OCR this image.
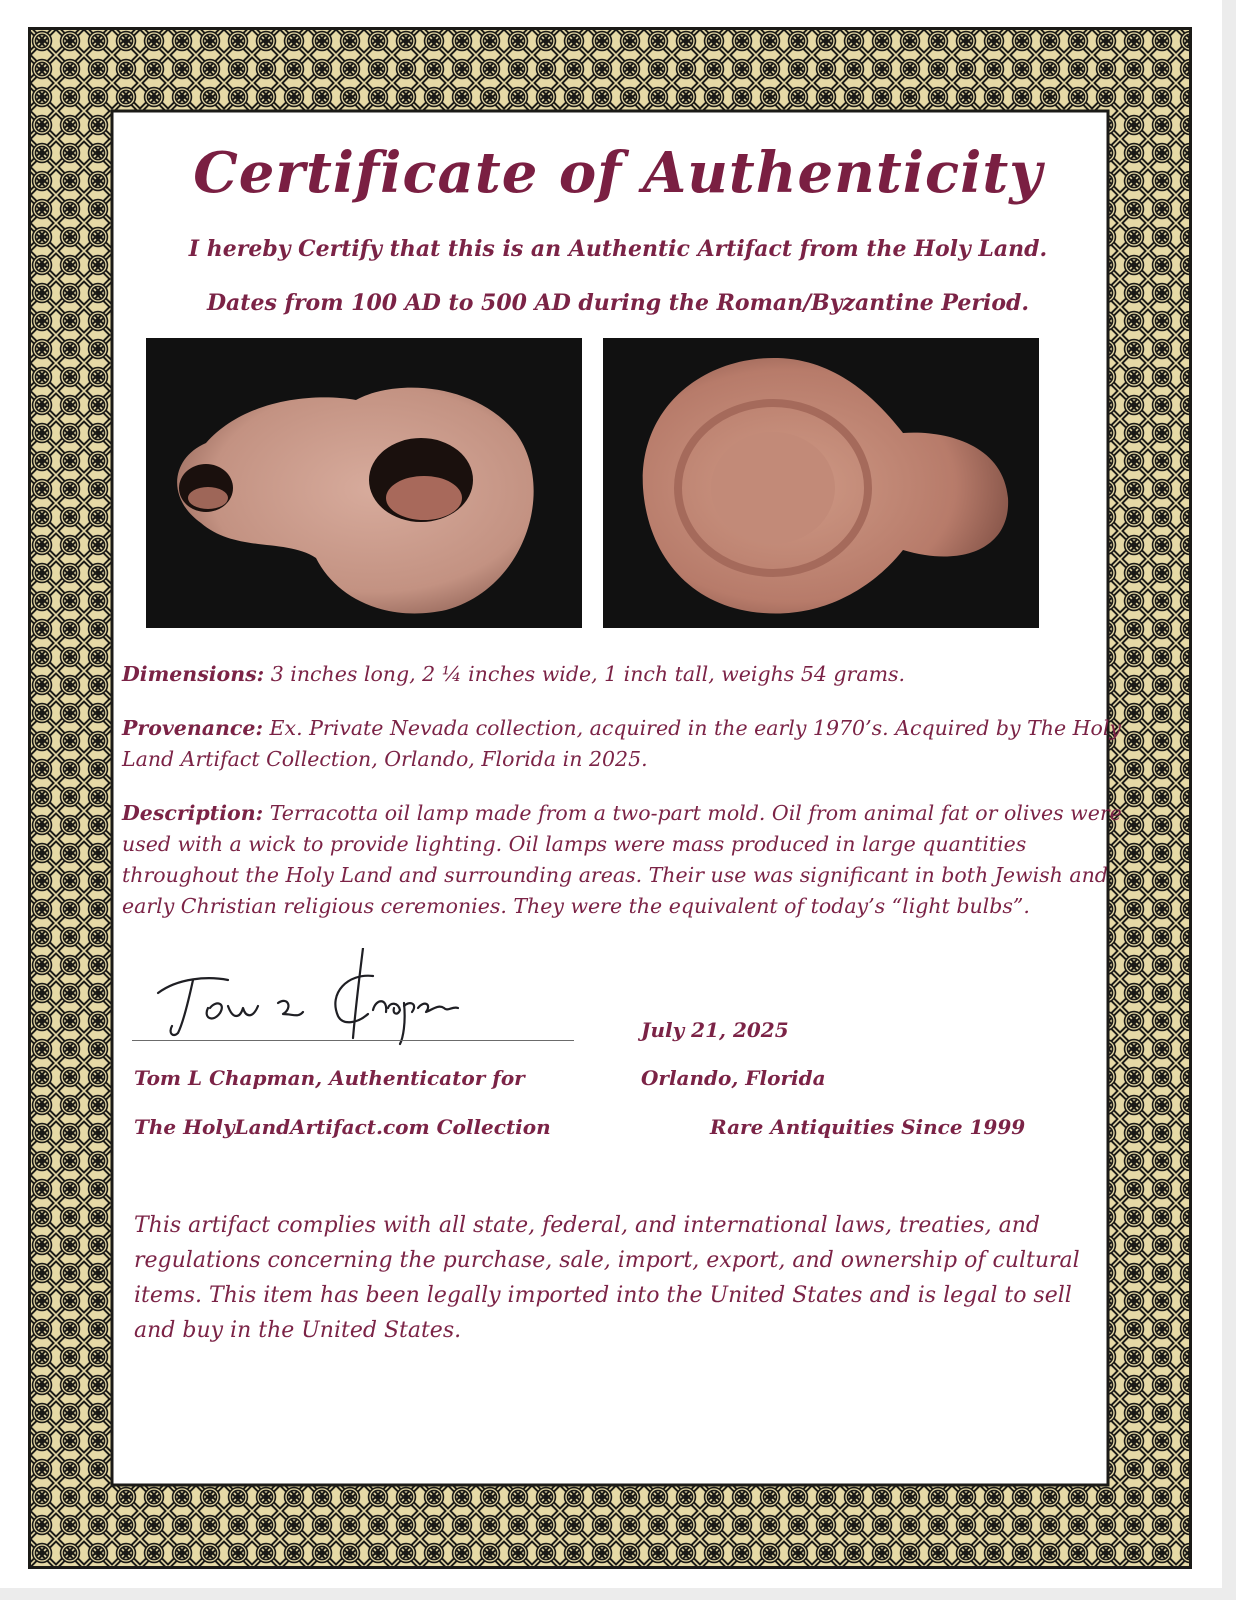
Certificate of Authenticity
I hereby Certify that this is an Authentic Artifact from the Holy Land.
Dates from 100 AD to 500 AD during the Roman/Byzantine Period.
Dimensions: 3 inches long, 2 ¼ inches wide, 1 inch tall, weighs 54 grams.
Provenance: Ex. Private Nevada collection, acquired in the early 1970’s. Acquired by The Holy Land Artifact Collection, Orlando, Florida in 2025.
Description: Terracotta oil lamp made from a two-part mold. Oil from animal fat or olives were used with a wick to provide lighting. Oil lamps were mass produced in large quantities throughout the Holy Land and surrounding areas. Their use was significant in both Jewish and early Christian religious ceremonies. They were the equivalent of today’s “light bulbs”.
Tom L Chapman, Authenticator for
The HolyLandArtifact.com Collection
July 21, 2025
Orlando, Florida
Rare Antiquities Since 1999
This artifact complies with all state, federal, and international laws, treaties, and regulations concerning the purchase, sale, import, export, and ownership of cultural items. This item has been legally imported into the United States and is legal to sell and buy in the United States.
